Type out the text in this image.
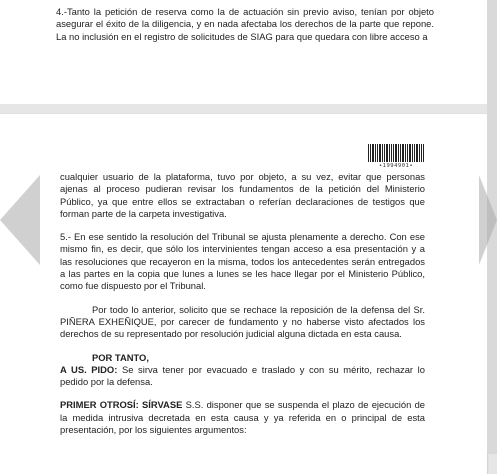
4.-Tanto la petición de reserva como la de actuación sin previo aviso, tenían por objeto asegurar el éxito de la diligencia, y en nada afectaba los derechos de la parte que repone. La no inclusión en el registro de solicitudes de SIAG para que quedara con libre acceso a

•1994901•

cualquier usuario de la plataforma, tuvo por objeto, a su vez, evitar que personas ajenas al proceso pudieran revisar los fundamentos de la petición del Ministerio Público, ya que entre ellos se extractaban o referían declaraciones de testigos que forman parte de la carpeta investigativa.

5.- En ese sentido la resolución del Tribunal se ajusta plenamente a derecho. Con ese mismo fin, es decir, que sólo los intervinientes tengan acceso a esa presentación y a las resoluciones que recayeron en la misma, todos los antecedentes serán entregados a las partes en la copia que lunes a lunes se les hace llegar por el Ministerio Público, como fue dispuesto por el Tribunal.

Por todo lo anterior, solicito que se rechace la reposición de la defensa del Sr. PIÑERA EXHEÑIQUE, por carecer de fundamento y no haberse visto afectados los derechos de su representado por resolución judicial alguna dictada en esta causa.

POR TANTO,

A US. PIDO: Se sirva tener por evacuado e traslado y con su mérito, rechazar lo pedido por la defensa.

PRIMER OTROSÍ: SÍRVASE S.S. disponer que se suspenda el plazo de ejecución de la medida intrusiva decretada en esta causa y ya referida en o principal de esta presentación, por los siguientes argumentos:
